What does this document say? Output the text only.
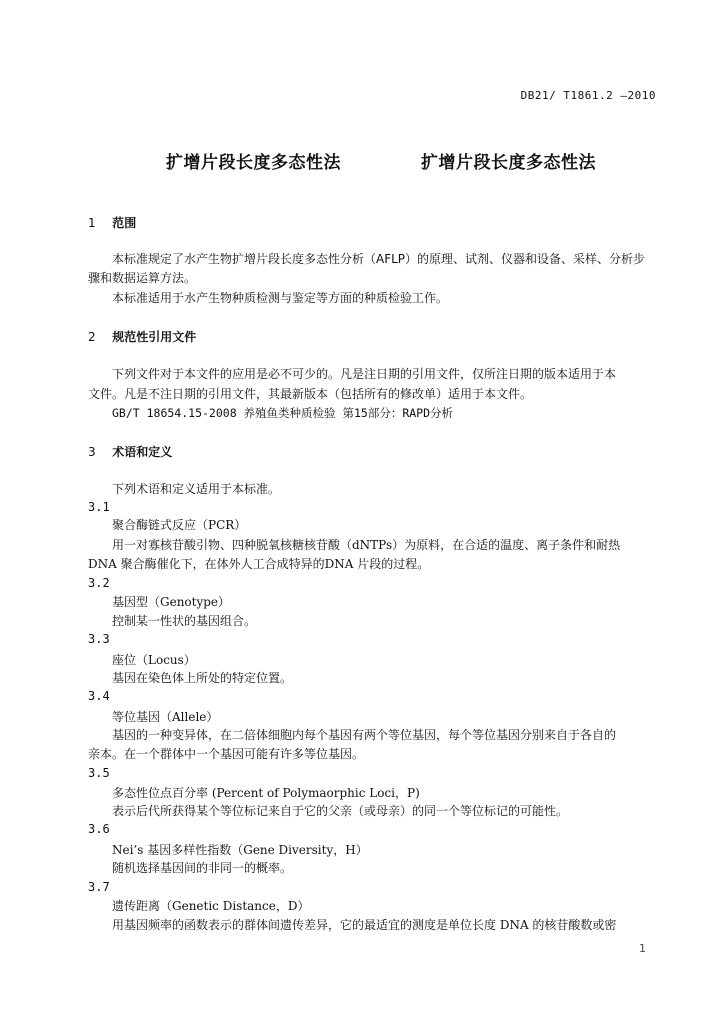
DB21/ T1861.2 —2010
扩增片段长度多态性法	扩增片段长度多态性法
1 范围
本标准规定了水产生物扩增片段长度多态性分析（AFLP）的原理、试剂、仪器和设备、采样、分析步
骤和数据运算方法。
本标准适用于水产生物种质检测与鉴定等方面的种质检验工作。
2 规范性引用文件
下列文件对于本文件的应用是必不可少的。凡是注日期的引用文件，仅所注日期的版本适用于本
文件。凡是不注日期的引用文件，其最新版本（包括所有的修改单）适用于本文件。
GB/T 18654.15-2008 养殖鱼类种质检验 第15部分：RAPD分析
3 术语和定义
下列术语和定义适用于本标准。
3.1
聚合酶链式反应（PCR）
用一对寡核苷酸引物、四种脱氧核糖核苷酸（dNTPs）为原料，在合适的温度、离子条件和耐热
DNA 聚合酶催化下，在体外人工合成特异的DNA 片段的过程。
3.2
基因型（Genotype）
控制某一性状的基因组合。
3.3
座位（Locus）
基因在染色体上所处的特定位置。
3.4
等位基因（Allele）
基因的一种变异体，在二倍体细胞内每个基因有两个等位基因，每个等位基因分别来自于各自的
亲本。在一个群体中一个基因可能有许多等位基因。
3.5
多态性位点百分率 (Percent of Polymaorphic Loci，P)
表示后代所获得某个等位标记来自于它的父亲（或母亲）的同一个等位标记的可能性。
3.6
Nei’s 基因多样性指数（Gene Diversity，H）
随机选择基因间的非同一的概率。
3.7
遗传距离（Genetic Distance，D）
用基因频率的函数表示的群体间遗传差异，它的最适宜的测度是单位长度 DNA 的核苷酸数或密
1
